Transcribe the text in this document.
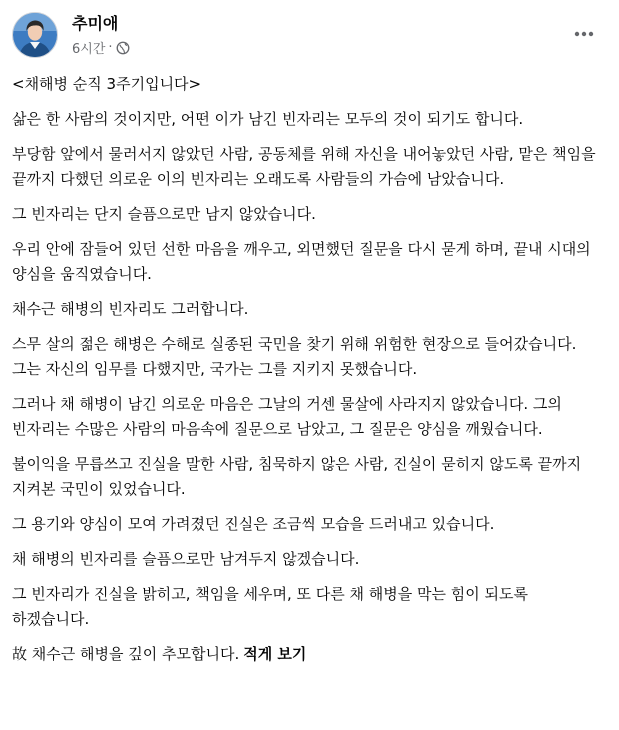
추미애
6시간 ·

<채해병 순직 3주기입니다>

삶은 한 사람의 것이지만, 어떤 이가 남긴 빈자리는 모두의 것이 되기도 합니다.

부당함 앞에서 물러서지 않았던 사람, 공동체를 위해 자신을 내어놓았던 사람, 맡은 책임을 끝까지 다했던 의로운 이의 빈자리는 오래도록 사람들의 가슴에 남았습니다.

그 빈자리는 단지 슬픔으로만 남지 않았습니다.

우리 안에 잠들어 있던 선한 마음을 깨우고, 외면했던 질문을 다시 묻게 하며, 끝내 시대의 양심을 움직였습니다.

채수근 해병의 빈자리도 그러합니다.

스무 살의 젊은 해병은 수해로 실종된 국민을 찾기 위해 위험한 현장으로 들어갔습니다. 그는 자신의 임무를 다했지만, 국가는 그를 지키지 못했습니다.

그러나 채 해병이 남긴 의로운 마음은 그날의 거센 물살에 사라지지 않았습니다. 그의 빈자리는 수많은 사람의 마음속에 질문으로 남았고, 그 질문은 양심을 깨웠습니다.

불이익을 무릅쓰고 진실을 말한 사람, 침묵하지 않은 사람, 진실이 묻히지 않도록 끝까지 지켜본 국민이 있었습니다.

그 용기와 양심이 모여 가려졌던 진실은 조금씩 모습을 드러내고 있습니다.

채 해병의 빈자리를 슬픔으로만 남겨두지 않겠습니다.

그 빈자리가 진실을 밝히고, 책임을 세우며, 또 다른 채 해병을 막는 힘이 되도록 하겠습니다.

故 채수근 해병을 깊이 추모합니다. 적게 보기
